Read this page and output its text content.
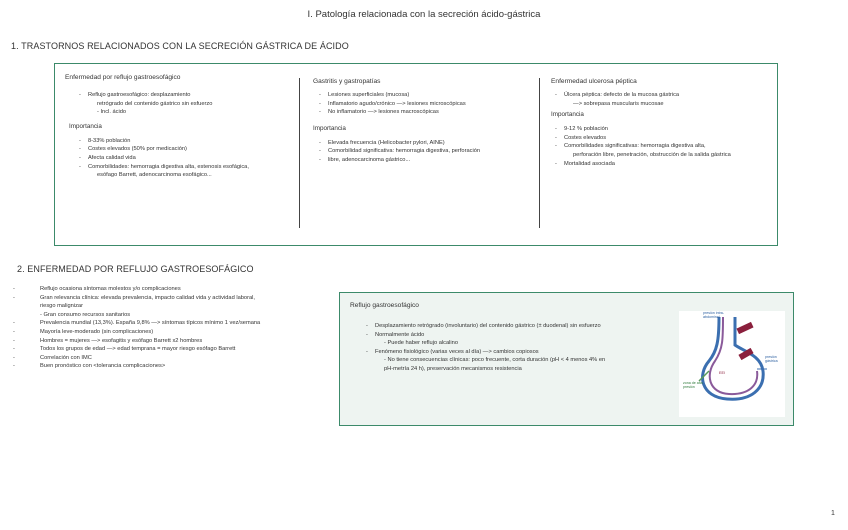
I. Patología relacionada con la secreción ácido-gástrica
1. TRASTORNOS RELACIONADOS CON LA SECRECIÓN GÁSTRICA DE ÁCIDO
Enfermedad por reflujo gastroesofágico
- Reflujo gastroesofágico: desplazamiento
retrógrado del contenido gástrico sin esfuerzo
- Incl. ácido
Importancia
- 8-33% población
- Costes elevados (50% por medicación)
- Afecta calidad vida
- Comorbilidades: hemorragia digestiva alta, estenosis esofágica,
esófago Barrett, adenocarcinoma esofágico...
Gastritis y gastropatías
- Lesiones superficiales (mucosa)
- Inflamatorio agudo/crónico —> lesiones microscópicas
- No inflamatorio —> lesiones macroscópicas
Importancia
- Elevada frecuencia (Helicobacter pylori, AINE)
- Comorbilidad significativa: hemorragia digestiva, perforación
- libre, adenocarcinoma gástrico...
Enfermedad ulcerosa péptica
- Úlcera péptica: defecto de la mucosa gástrica
—> sobrepasa muscularis mucosae
Importancia
- 9-12 % población
- Costes elevados
- Comorbilidades significativas: hemorragia digestiva alta,
perforación libre, penetración, obstrucción de la salida gástrica
- Mortalidad asociada
2. ENFERMEDAD POR REFLUJO GASTROESOFÁGICO
- Reflujo ocasiona síntomas molestos y/o complicaciones
- Gran relevancia clínica: elevada prevalencia, impacto calidad vida y actividad laboral,
riesgo malignizar
- Gran consumo recursos sanitarios
- Prevalencia mundial (13,3%). España 9,8% —> síntomas típicos mínimo 1 vez/semana
- Mayoría leve-moderado (sin complicaciones)
- Hombres = mujeres —> esofagitis y esófago Barrett x2 hombres
- Todos los grupos de edad —> edad temprana = mayor riesgo esófago Barrett
- Correlación con IMC
- Buen pronóstico con <tolerancia complicaciones>
Reflujo gastroesofágico
- Desplazamiento retrógrado (involuntario) del contenido gástrico (± duodenal) sin esfuerzo
- Normalmente ácido
- Puede haber reflujo alcalino
- Fenómeno fisiológico (varias veces al día) —> cambios copiosos
- No tiene consecuencias clínicas: poco frecuente, corta duración (pH < 4 menos 4% en
pH-metría 24 h), preservación mecanismos resistencia
presión intra-abdominal
presión gástrica
zona de alta presión
EEI
1
